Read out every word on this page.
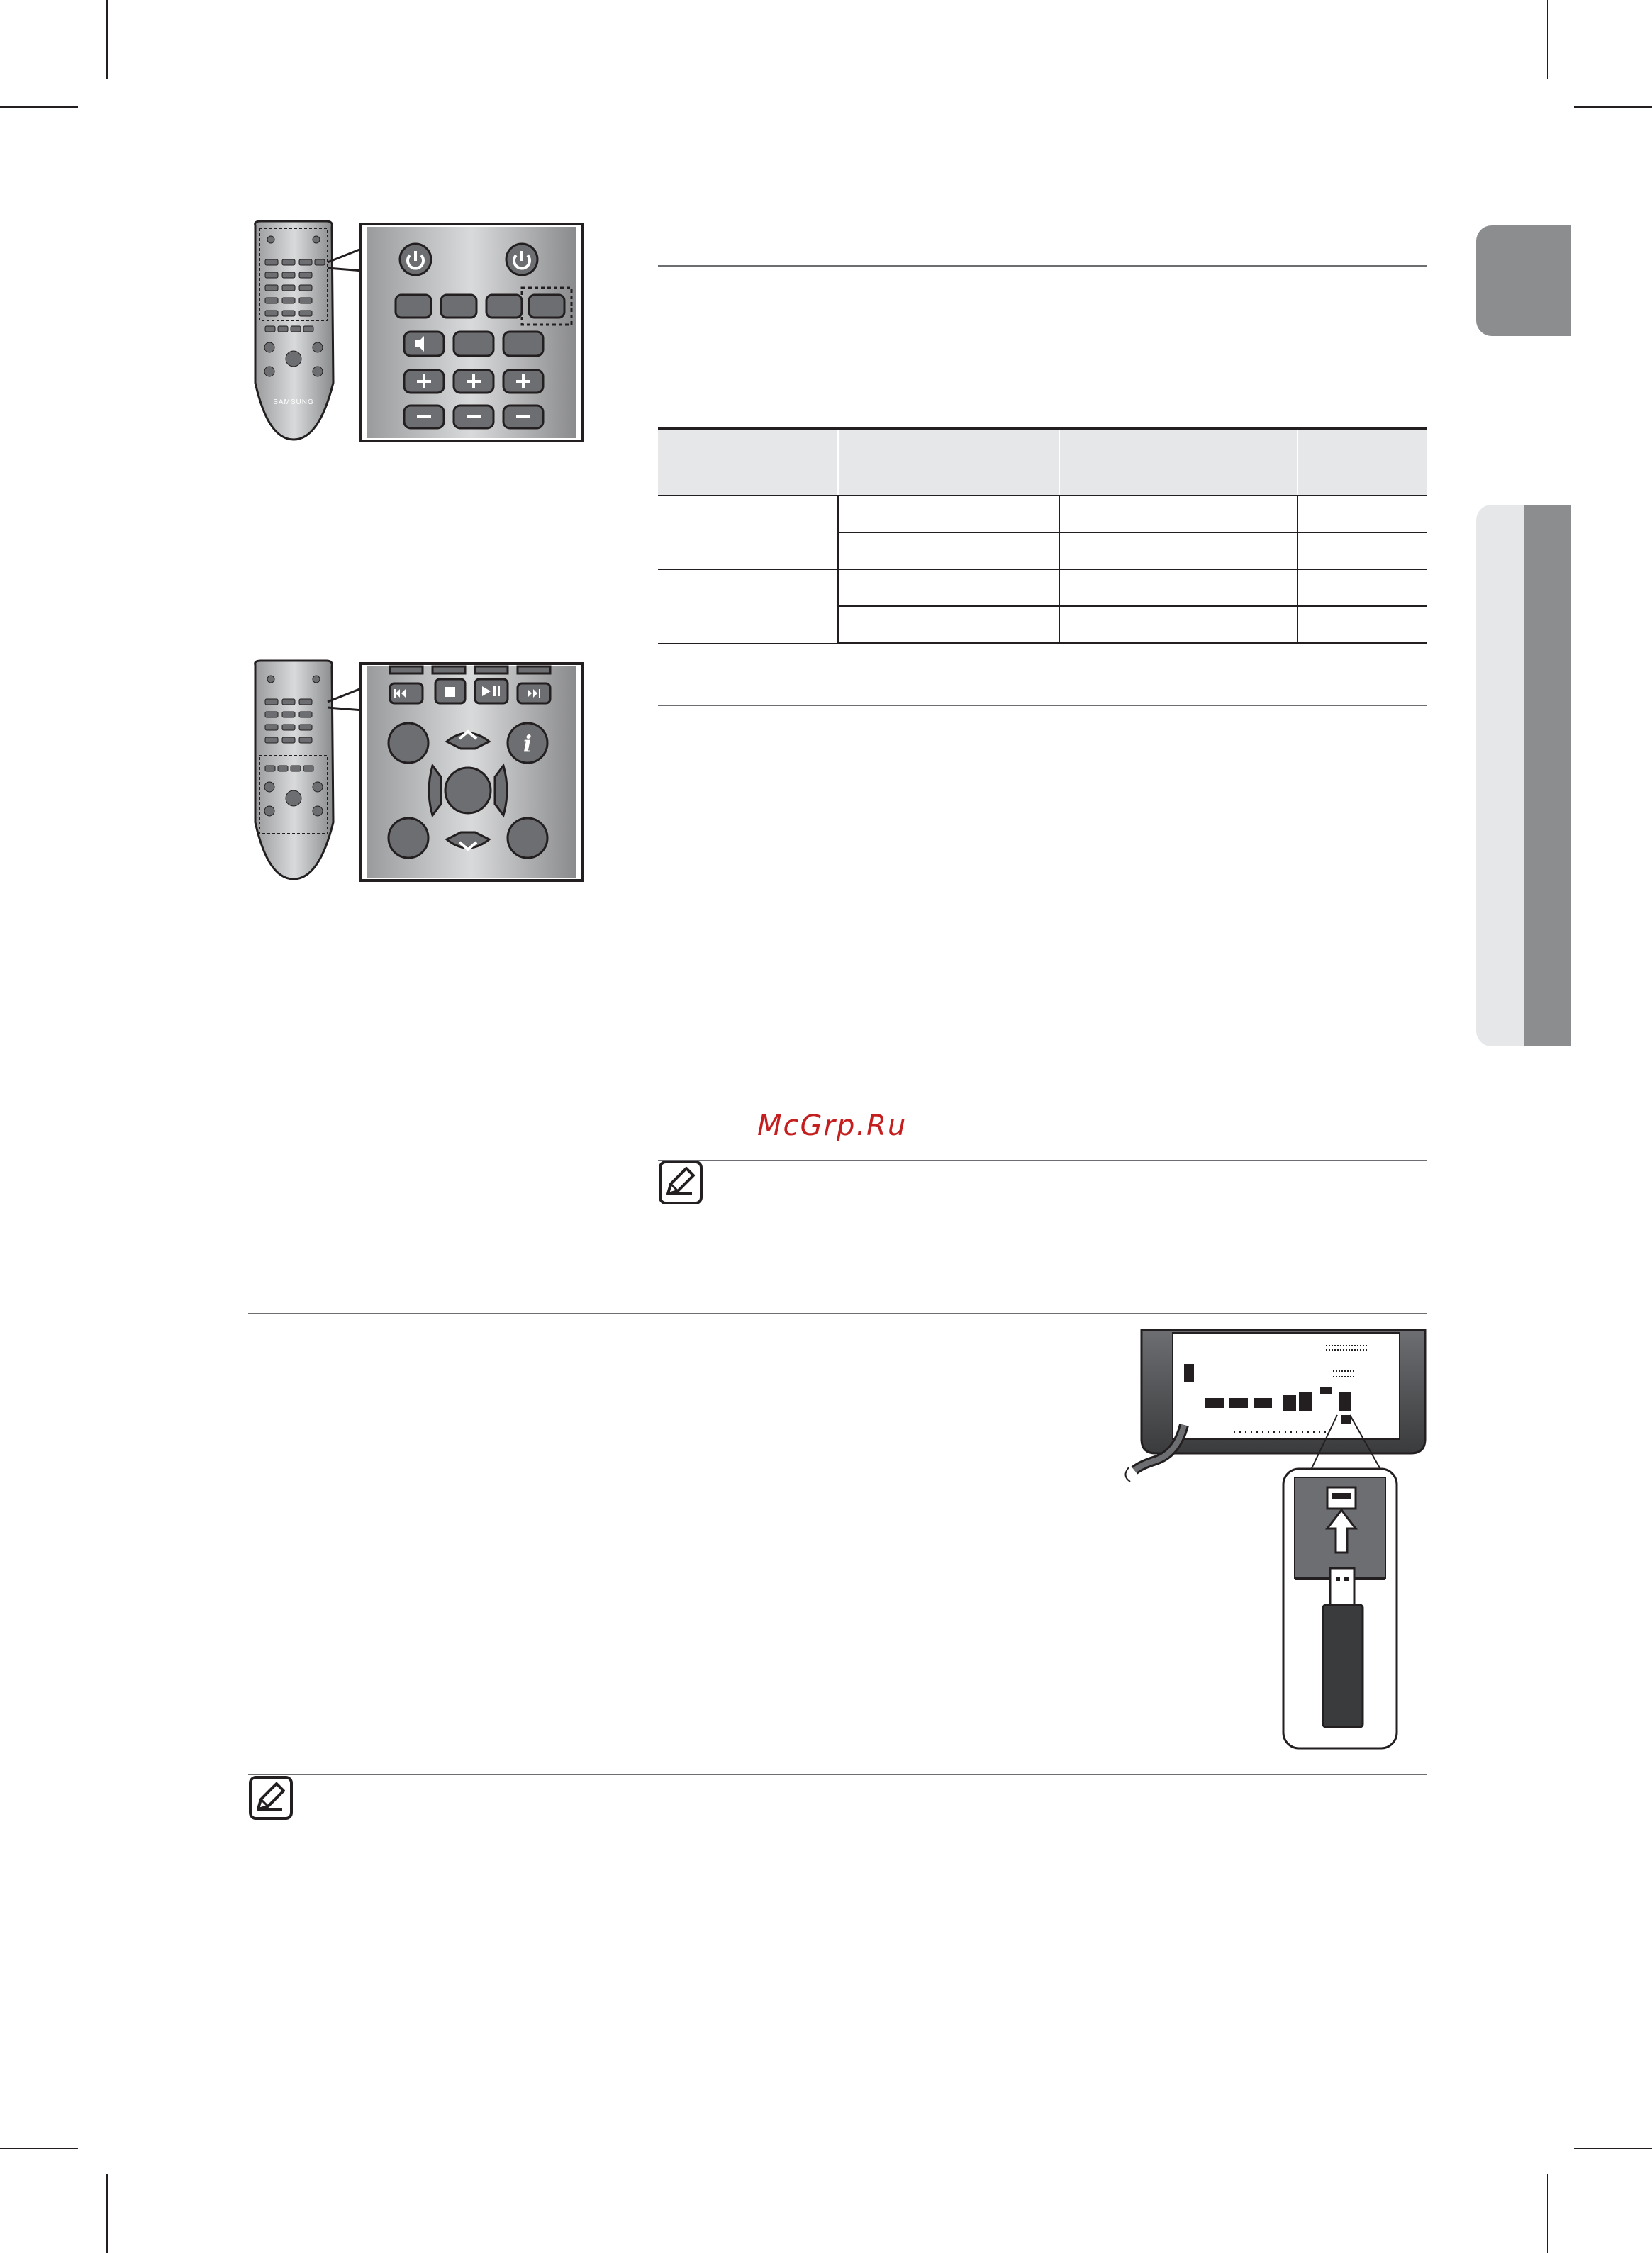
SAMSUNG
i

McGrp.Ru
